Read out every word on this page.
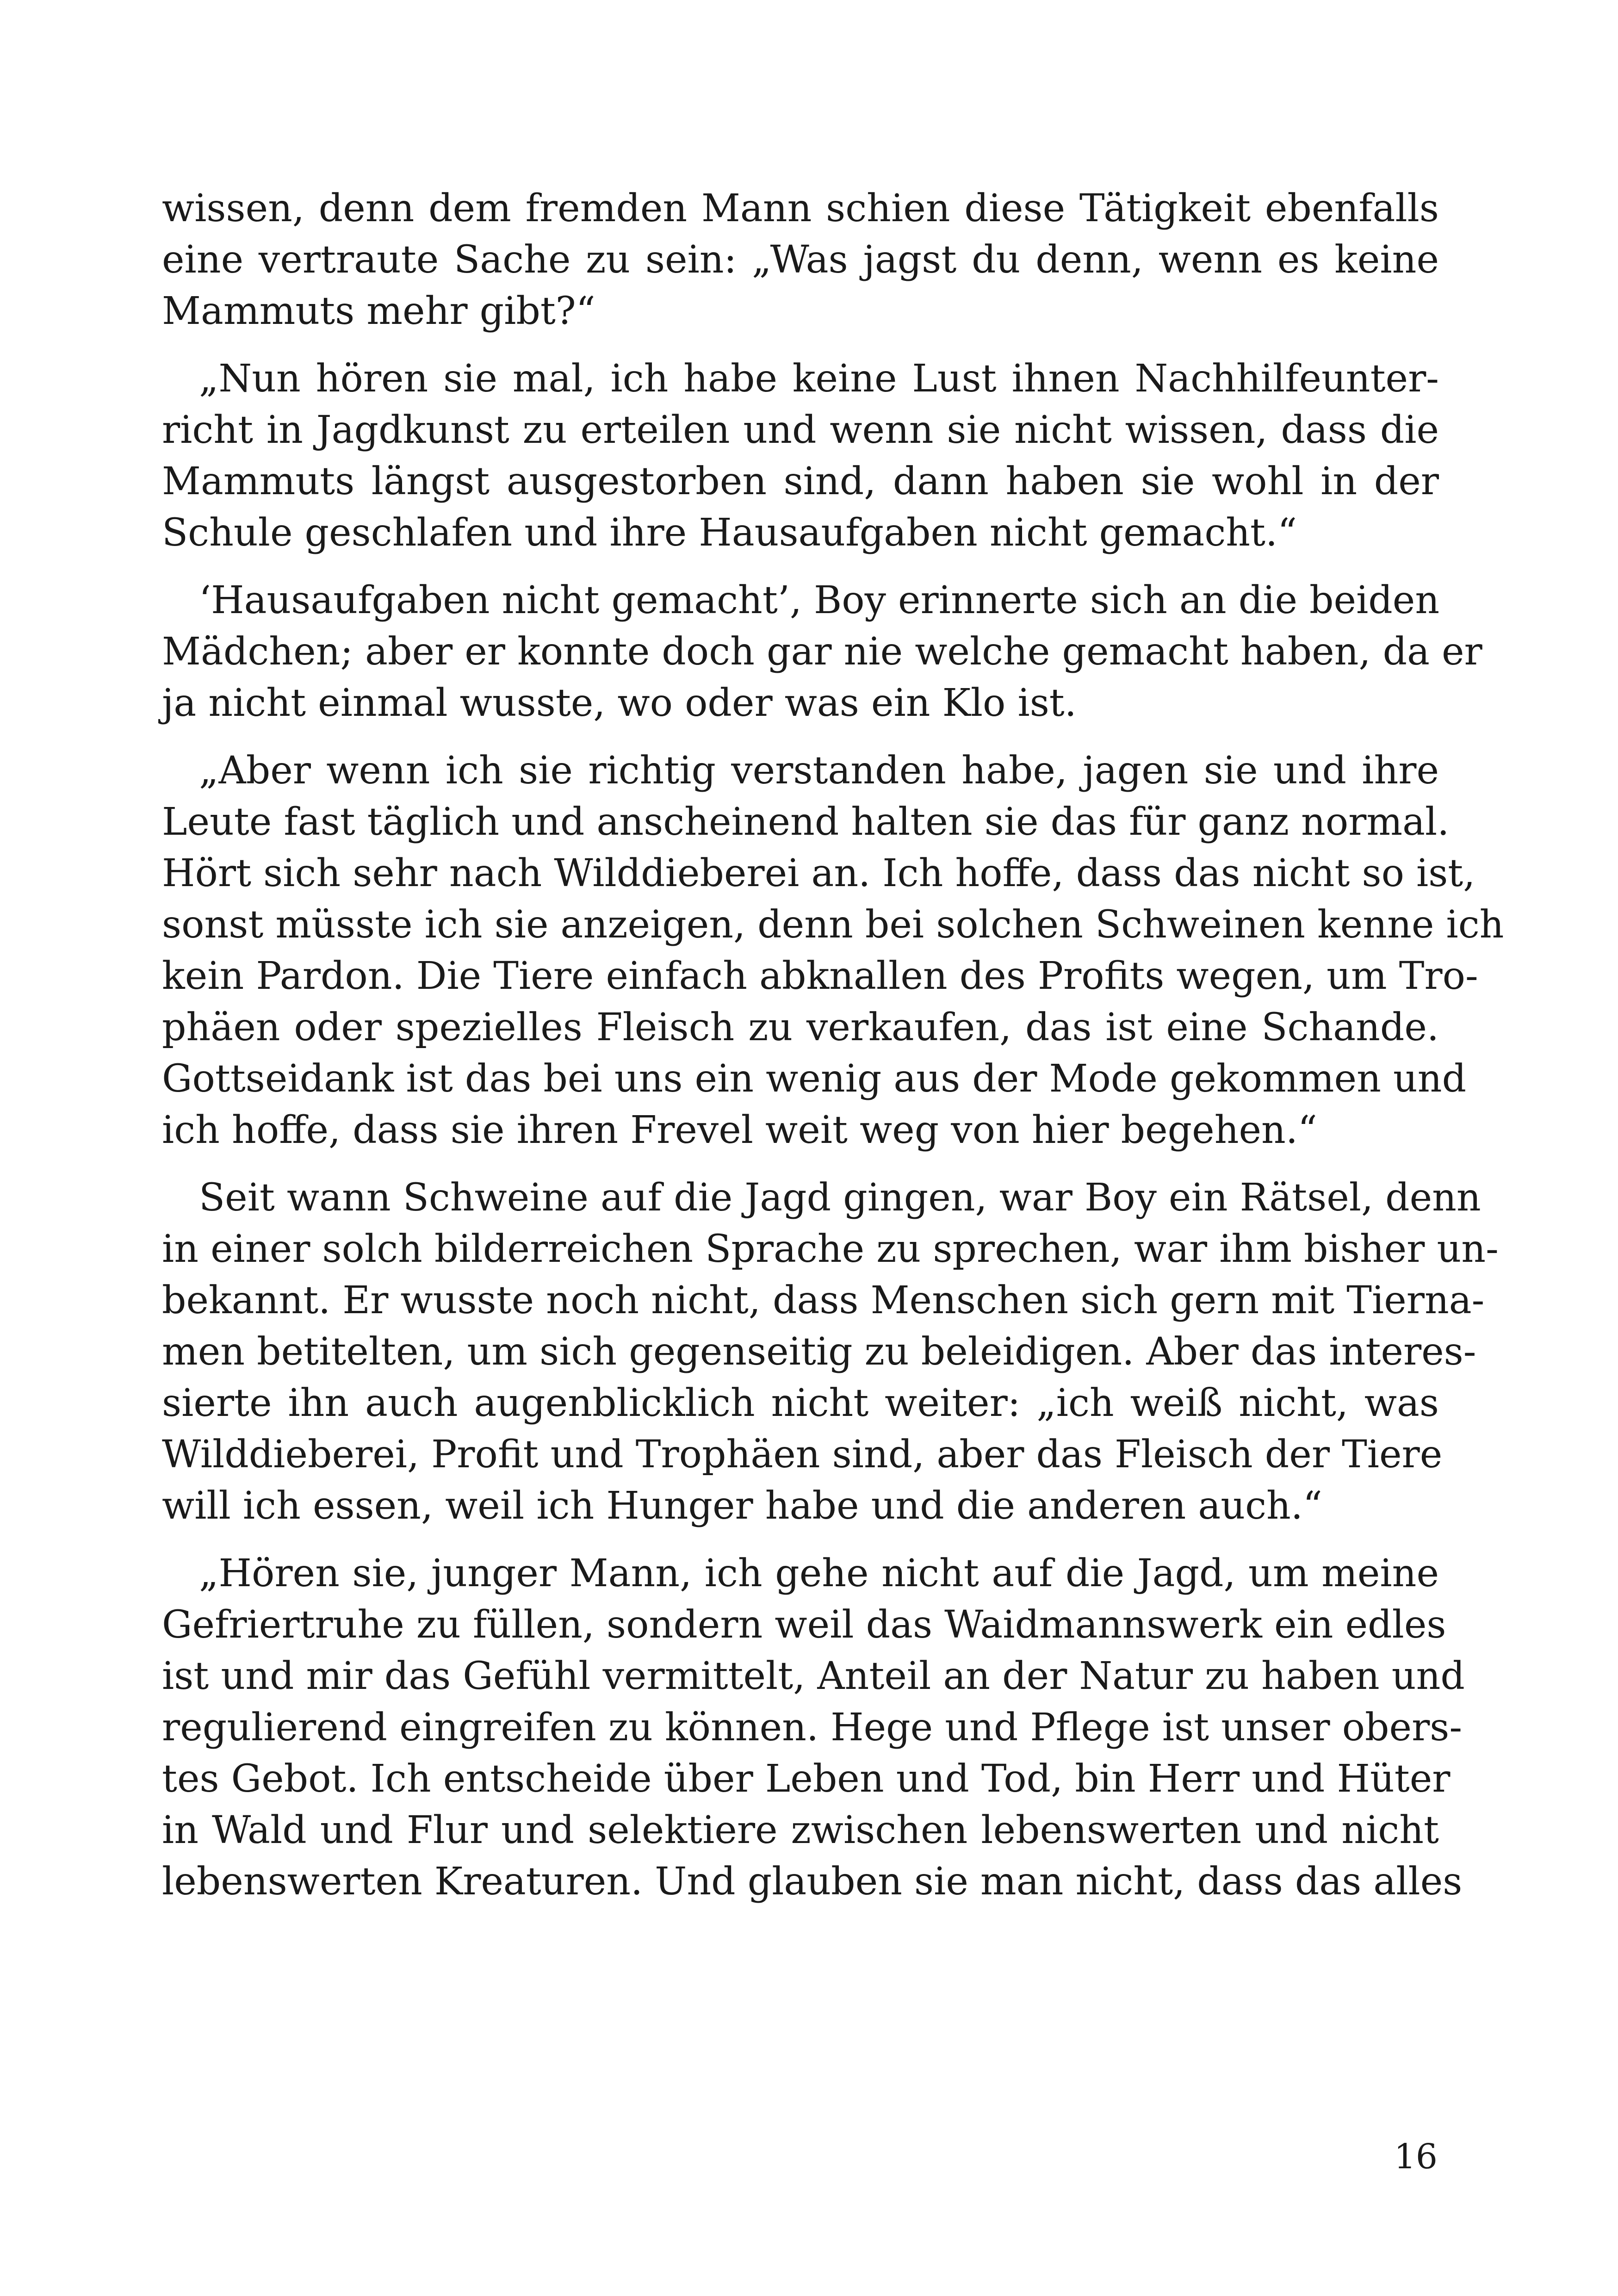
wissen, denn dem fremden Mann schien diese Tätigkeit ebenfalls
eine vertraute Sache zu sein: „Was jagst du denn, wenn es keine
Mammuts mehr gibt?“
„Nun hören sie mal, ich habe keine Lust ihnen Nachhilfeunter-
richt in Jagdkunst zu erteilen und wenn sie nicht wissen, dass die
Mammuts längst ausgestorben sind, dann haben sie wohl in der
Schule geschlafen und ihre Hausaufgaben nicht gemacht.“
‘Hausaufgaben nicht gemacht’, Boy erinnerte sich an die beiden
Mädchen; aber er konnte doch gar nie welche gemacht haben, da er
ja nicht einmal wusste, wo oder was ein Klo ist.
„Aber wenn ich sie richtig verstanden habe, jagen sie und ihre
Leute fast täglich und anscheinend halten sie das für ganz normal.
Hört sich sehr nach Wilddieberei an. Ich hoffe, dass das nicht so ist,
sonst müsste ich sie anzeigen, denn bei solchen Schweinen kenne ich
kein Pardon. Die Tiere einfach abknallen des Profits wegen, um Tro-
phäen oder spezielles Fleisch zu verkaufen, das ist eine Schande.
Gottseidank ist das bei uns ein wenig aus der Mode gekommen und
ich hoffe, dass sie ihren Frevel weit weg von hier begehen.“
Seit wann Schweine auf die Jagd gingen, war Boy ein Rätsel, denn
in einer solch bilderreichen Sprache zu sprechen, war ihm bisher un-
bekannt. Er wusste noch nicht, dass Menschen sich gern mit Tierna-
men betitelten, um sich gegenseitig zu beleidigen. Aber das interes-
sierte ihn auch augenblicklich nicht weiter: „ich weiß nicht, was
Wilddieberei, Profit und Trophäen sind, aber das Fleisch der Tiere
will ich essen, weil ich Hunger habe und die anderen auch.“
„Hören sie, junger Mann, ich gehe nicht auf die Jagd, um meine
Gefriertruhe zu füllen, sondern weil das Waidmannswerk ein edles
ist und mir das Gefühl vermittelt, Anteil an der Natur zu haben und
regulierend eingreifen zu können. Hege und Pflege ist unser obers-
tes Gebot. Ich entscheide über Leben und Tod, bin Herr und Hüter
in Wald und Flur und selektiere zwischen lebenswerten und nicht
lebenswerten Kreaturen. Und glauben sie man nicht, dass das alles
16
